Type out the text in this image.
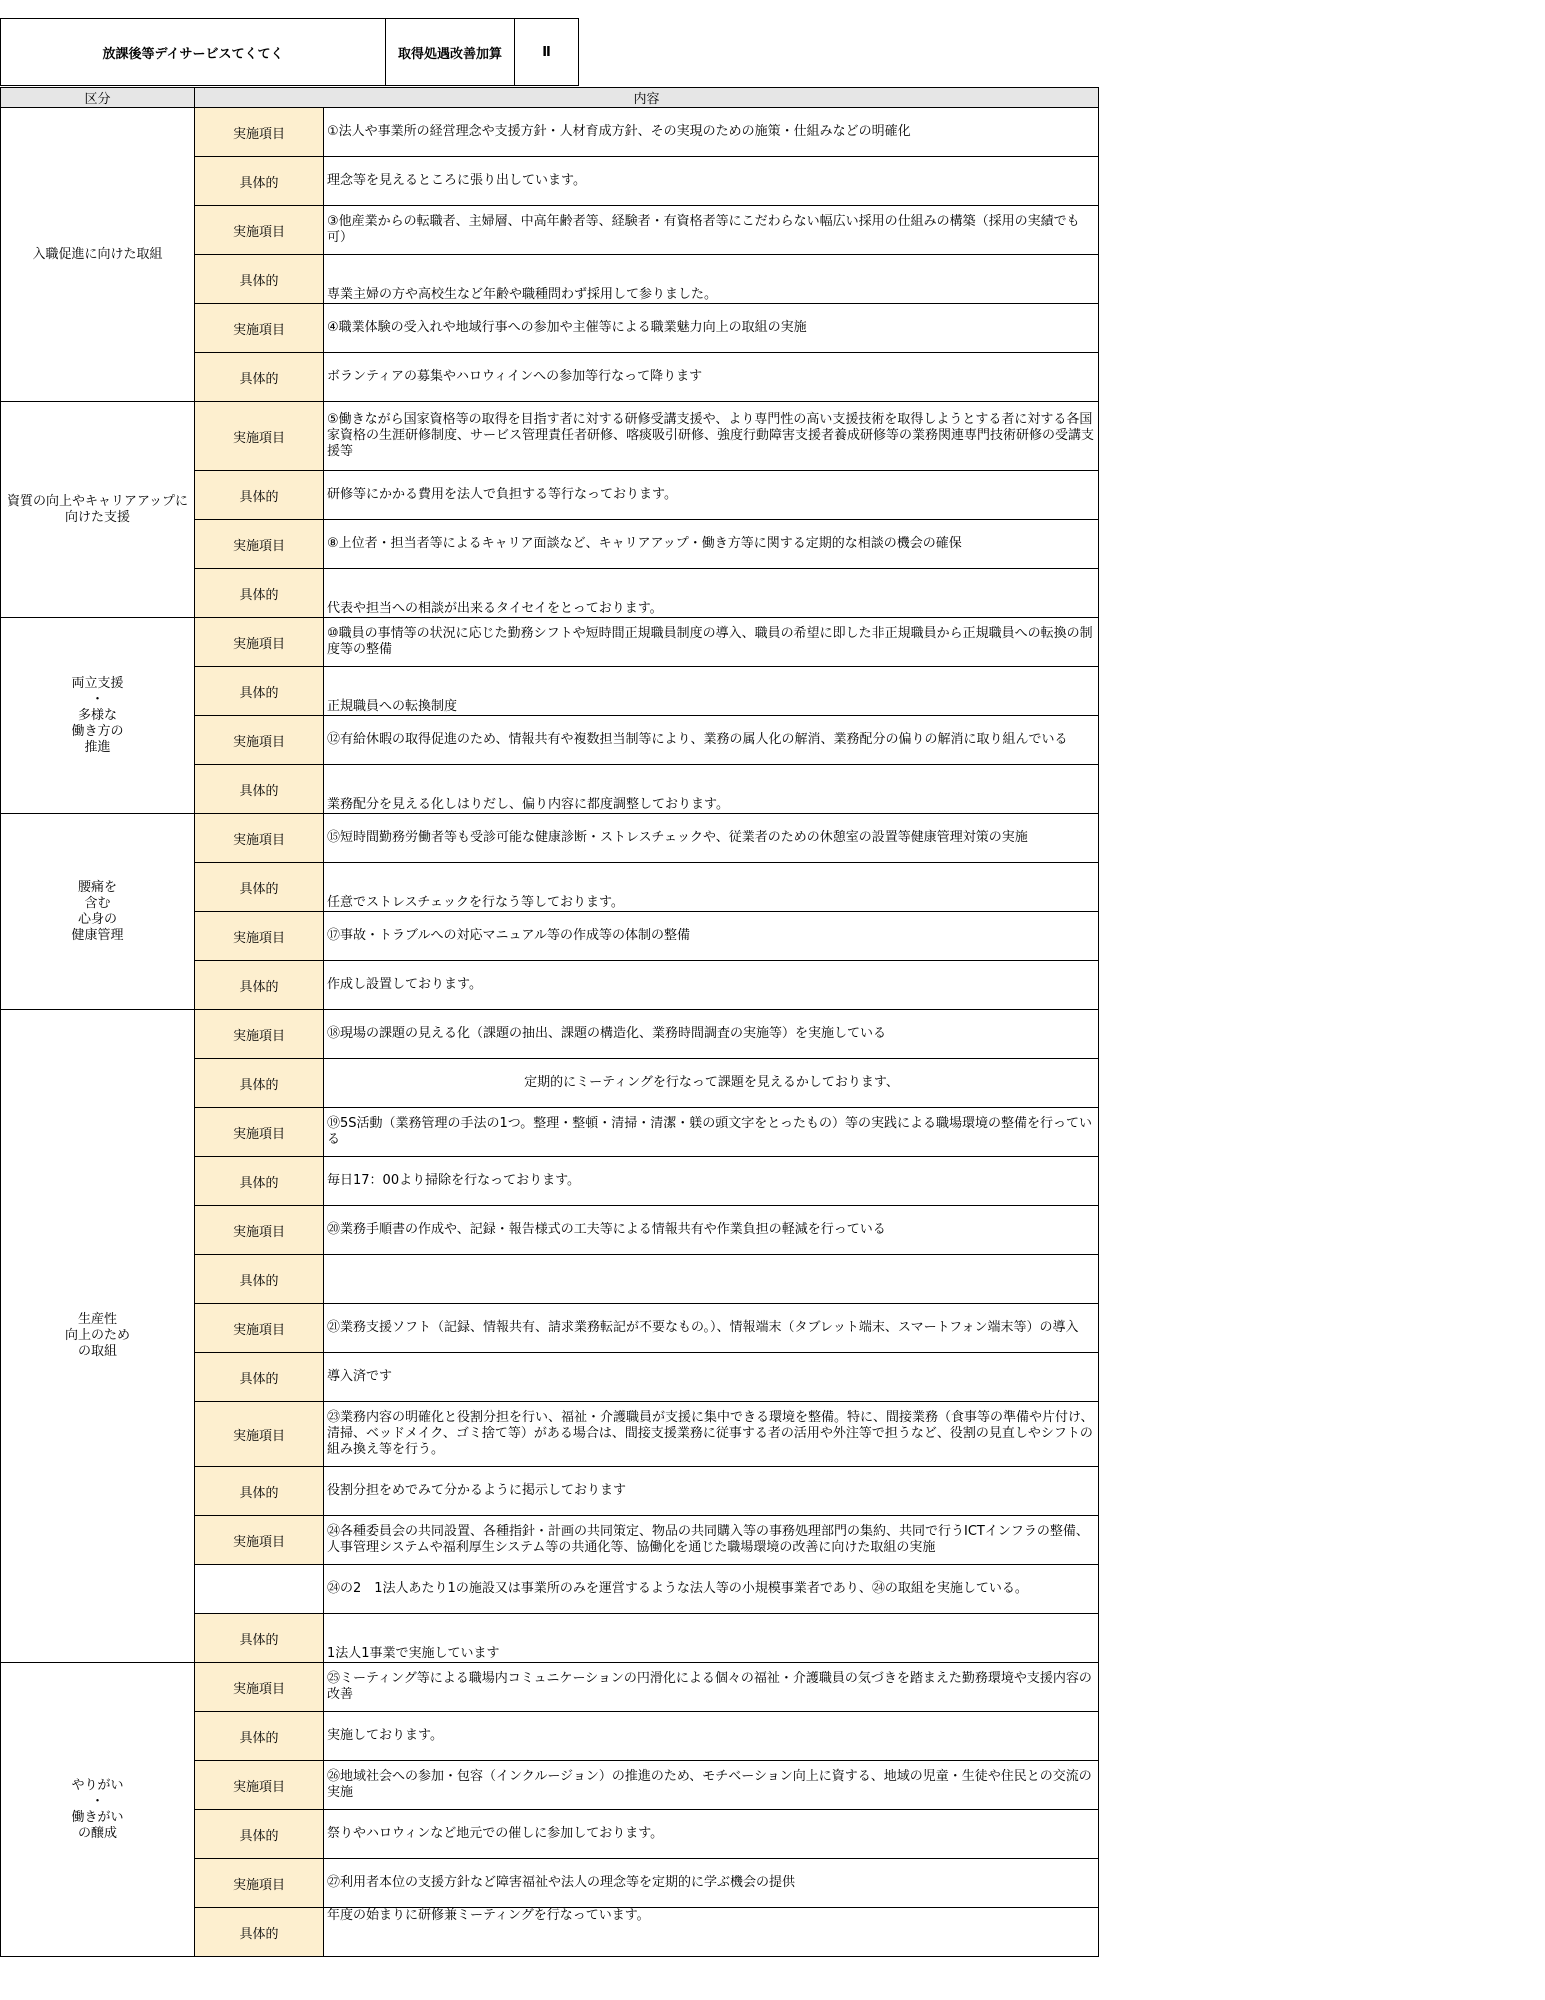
放課後等デイサービスてくてく	取得処遇改善加算	Ⅱ
区分	内容	
入職促進に向けた取組	実施項目	①法人や事業所の経営理念や支援方針・人材育成方針、その実現のための施策・仕組みなどの明確化
	具体的	理念等を見えるところに張り出しています。
	実施項目	③他産業からの転職者、主婦層、中高年齢者等、経験者・有資格者等にこだわらない幅広い採用の仕組みの構築（採用の実績でも可）
	具体的	専業主婦の方や高校生など年齢や職種問わず採用して参りました。
	実施項目	④職業体験の受入れや地域行事への参加や主催等による職業魅力向上の取組の実施
	具体的	ボランティアの募集やハロウィインへの参加等行なって降ります
資質の向上やキャリアアップに
向けた支援	実施項目	⑤働きながら国家資格等の取得を目指す者に対する研修受講支援や、より専門性の高い支援技術を取得しようとする者に対する各国家資格の生涯研修制度、サービス管理責任者研修、喀痰吸引研修、強度行動障害支援者養成研修等の業務関連専門技術研修の受講支援等
	具体的	研修等にかかる費用を法人で負担する等行なっております。
	実施項目	⑧上位者・担当者等によるキャリア面談など、キャリアアップ・働き方等に関する定期的な相談の機会の確保
	具体的	代表や担当への相談が出来るタイセイをとっております。
両立支援
・
多様な
働き方の
推進	実施項目	⑩職員の事情等の状況に応じた勤務シフトや短時間正規職員制度の導入、職員の希望に即した非正規職員から正規職員への転換の制度等の整備
	具体的	正規職員への転換制度
	実施項目	⑫有給休暇の取得促進のため、情報共有や複数担当制等により、業務の属人化の解消、業務配分の偏りの解消に取り組んでいる
	具体的	業務配分を見える化しはりだし、偏り内容に都度調整しております。
腰痛を
含む
心身の
健康管理	実施項目	⑮短時間勤務労働者等も受診可能な健康診断・ストレスチェックや、従業者のための休憩室の設置等健康管理対策の実施
	具体的	任意でストレスチェックを行なう等しております。
	実施項目	⑰事故・トラブルへの対応マニュアル等の作成等の体制の整備
	具体的	作成し設置しております。
生産性
向上のため
の取組	実施項目	⑱現場の課題の見える化（課題の抽出、課題の構造化、業務時間調査の実施等）を実施している
	具体的	定期的にミーティングを行なって課題を見えるかしております、
	実施項目	⑲5S活動（業務管理の手法の1つ。整理・整頓・清掃・清潔・躾の頭文字をとったもの）等の実践による職場環境の整備を行っている
	具体的	毎日17：00より掃除を行なっております。
	実施項目	⑳業務手順書の作成や、記録・報告様式の工夫等による情報共有や作業負担の軽減を行っている
	具体的	
	実施項目	㉑業務支援ソフト（記録、情報共有、請求業務転記が不要なもの。）、情報端末（タブレット端末、スマートフォン端末等）の導入
	具体的	導入済です
	実施項目	㉓業務内容の明確化と役割分担を行い、福祉・介護職員が支援に集中できる環境を整備。特に、間接業務（食事等の準備や片付け、清掃、ベッドメイク、ゴミ捨て等）がある場合は、間接支援業務に従事する者の活用や外注等で担うなど、役割の見直しやシフトの組み換え等を行う。
	具体的	役割分担をめでみて分かるように掲示しております
	実施項目	㉔各種委員会の共同設置、各種指針・計画の共同策定、物品の共同購入等の事務処理部門の集約、共同で行うICTインフラの整備、人事管理システムや福利厚生システム等の共通化等、協働化を通じた職場環境の改善に向けた取組の実施
		㉔の2　1法人あたり1の施設又は事業所のみを運営するような法人等の小規模事業者であり、㉔の取組を実施している。
	具体的	1法人1事業で実施しています
やりがい
・
働きがい
の醸成	実施項目	㉕ミーティング等による職場内コミュニケーションの円滑化による個々の福祉・介護職員の気づきを踏まえた勤務環境や支援内容の改善
	具体的	実施しております。
	実施項目	㉖地域社会への参加・包容（インクルージョン）の推進のため、モチベーション向上に資する、地域の児童・生徒や住民との交流の実施
	具体的	祭りやハロウィンなど地元での催しに参加しております。
	実施項目	㉗利用者本位の支援方針など障害福祉や法人の理念等を定期的に学ぶ機会の提供
	具体的	年度の始まりに研修兼ミーティングを行なっています。
